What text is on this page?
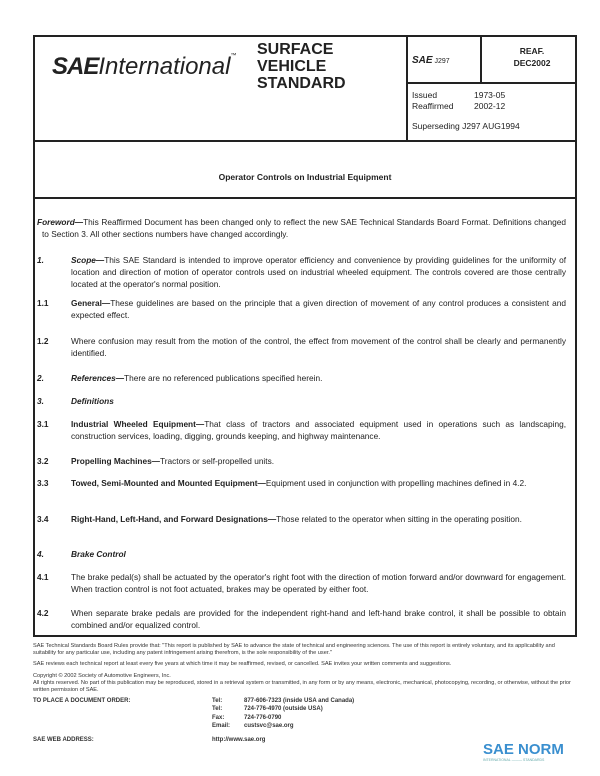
SAEInternational™ SURFACE
VEHICLE
STANDARD
SAE J297
REAF.
DEC2002
Issued	1973-05
Reaffirmed 2002-12
Superseding J297 AUG1994
Operator Controls on Industrial Equipment
Foreword—This Reaffirmed Document has been changed only to reflect the new SAE Technical Standards Board Format. Definitions changed to Section 3. All other sections numbers have changed accordingly.
1.	Scope—This SAE Standard is intended to improve operator efficiency and convenience by providing guidelines for the uniformity of location and direction of motion of operator controls used on industrial wheeled equipment. The controls covered are those centrally located at the operator's normal position.
1.1	General—These guidelines are based on the principle that a given direction of movement of any control produces a consistent and expected effect.
1.2	Where confusion may result from the motion of the control, the effect from movement of the control shall be clearly and permanently identified.
2.	References—There are no referenced publications specified herein.
3.	Definitions
3.1	Industrial Wheeled Equipment—That class of tractors and associated equipment used in operations such as landscaping, construction services, loading, digging, grounds keeping, and highway maintenance.
3.2	Propelling Machines—Tractors or self-propelled units.
3.3	Towed, Semi-Mounted and Mounted Equipment—Equipment used in conjunction with propelling machines defined in 4.2.
3.4	Right-Hand, Left-Hand, and Forward Designations—Those related to the operator when sitting in the operating position.
4.	Brake Control
4.1	The brake pedal(s) shall be actuated by the operator's right foot with the direction of motion forward and/or downward for engagement. When traction control is not foot actuated, brakes may be operated by either foot.
4.2	When separate brake pedals are provided for the independent right-hand and left-hand brake control, it shall be possible to obtain combined and/or equalized control.
SAE Technical Standards Board Rules provide that: "This report is published by SAE to advance the state of technical and engineering sciences. The use of this report is entirely voluntary, and its applicability and suitability for any particular use, including any patent infringement arising therefrom, is the sole responsibility of the user."
SAE reviews each technical report at least every five years at which time it may be reaffirmed, revised, or cancelled. SAE invites your written comments and suggestions.
Copyright © 2002 Society of Automotive Engineers, Inc.
All rights reserved. No part of this publication may be reproduced, stored in a retrieval system or transmitted, in any form or by any means, electronic, mechanical, photocopying, recording, or otherwise, without the prior written permission of SAE.
TO PLACE A DOCUMENT ORDER:
SAE WEB ADDRESS:
Tel:	877-606-7323 (inside USA and Canada)
Tel:	724-776-4970 (outside USA)
Fax:	724-776-0790
Email: custsvc@sae.org
http://www.sae.org
SAE NORM
INTERNATIONAL ——— STANDARDS
